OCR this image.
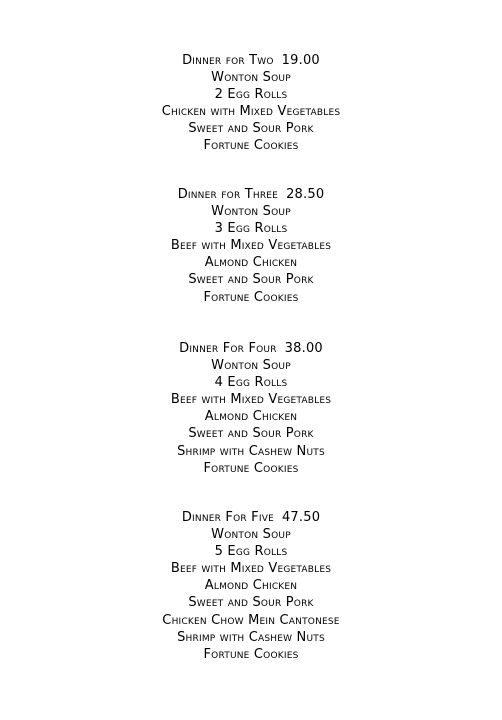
Dinner for Two 19.00
Wonton Soup
2 Egg Rolls
Chicken with Mixed Vegetables
Sweet and Sour Pork
Fortune Cookies
Dinner for Three 28.50
Wonton Soup
3 Egg Rolls
Beef with Mixed Vegetables
Almond Chicken
Sweet and Sour Pork
Fortune Cookies
Dinner For Four 38.00
Wonton Soup
4 Egg Rolls
Beef with Mixed Vegetables
Almond Chicken
Sweet and Sour Pork
Shrimp with Cashew Nuts
Fortune Cookies
Dinner For Five 47.50
Wonton Soup
5 Egg Rolls
Beef with Mixed Vegetables
Almond Chicken
Sweet and Sour Pork
Chicken Chow Mein Cantonese
Shrimp with Cashew Nuts
Fortune Cookies
